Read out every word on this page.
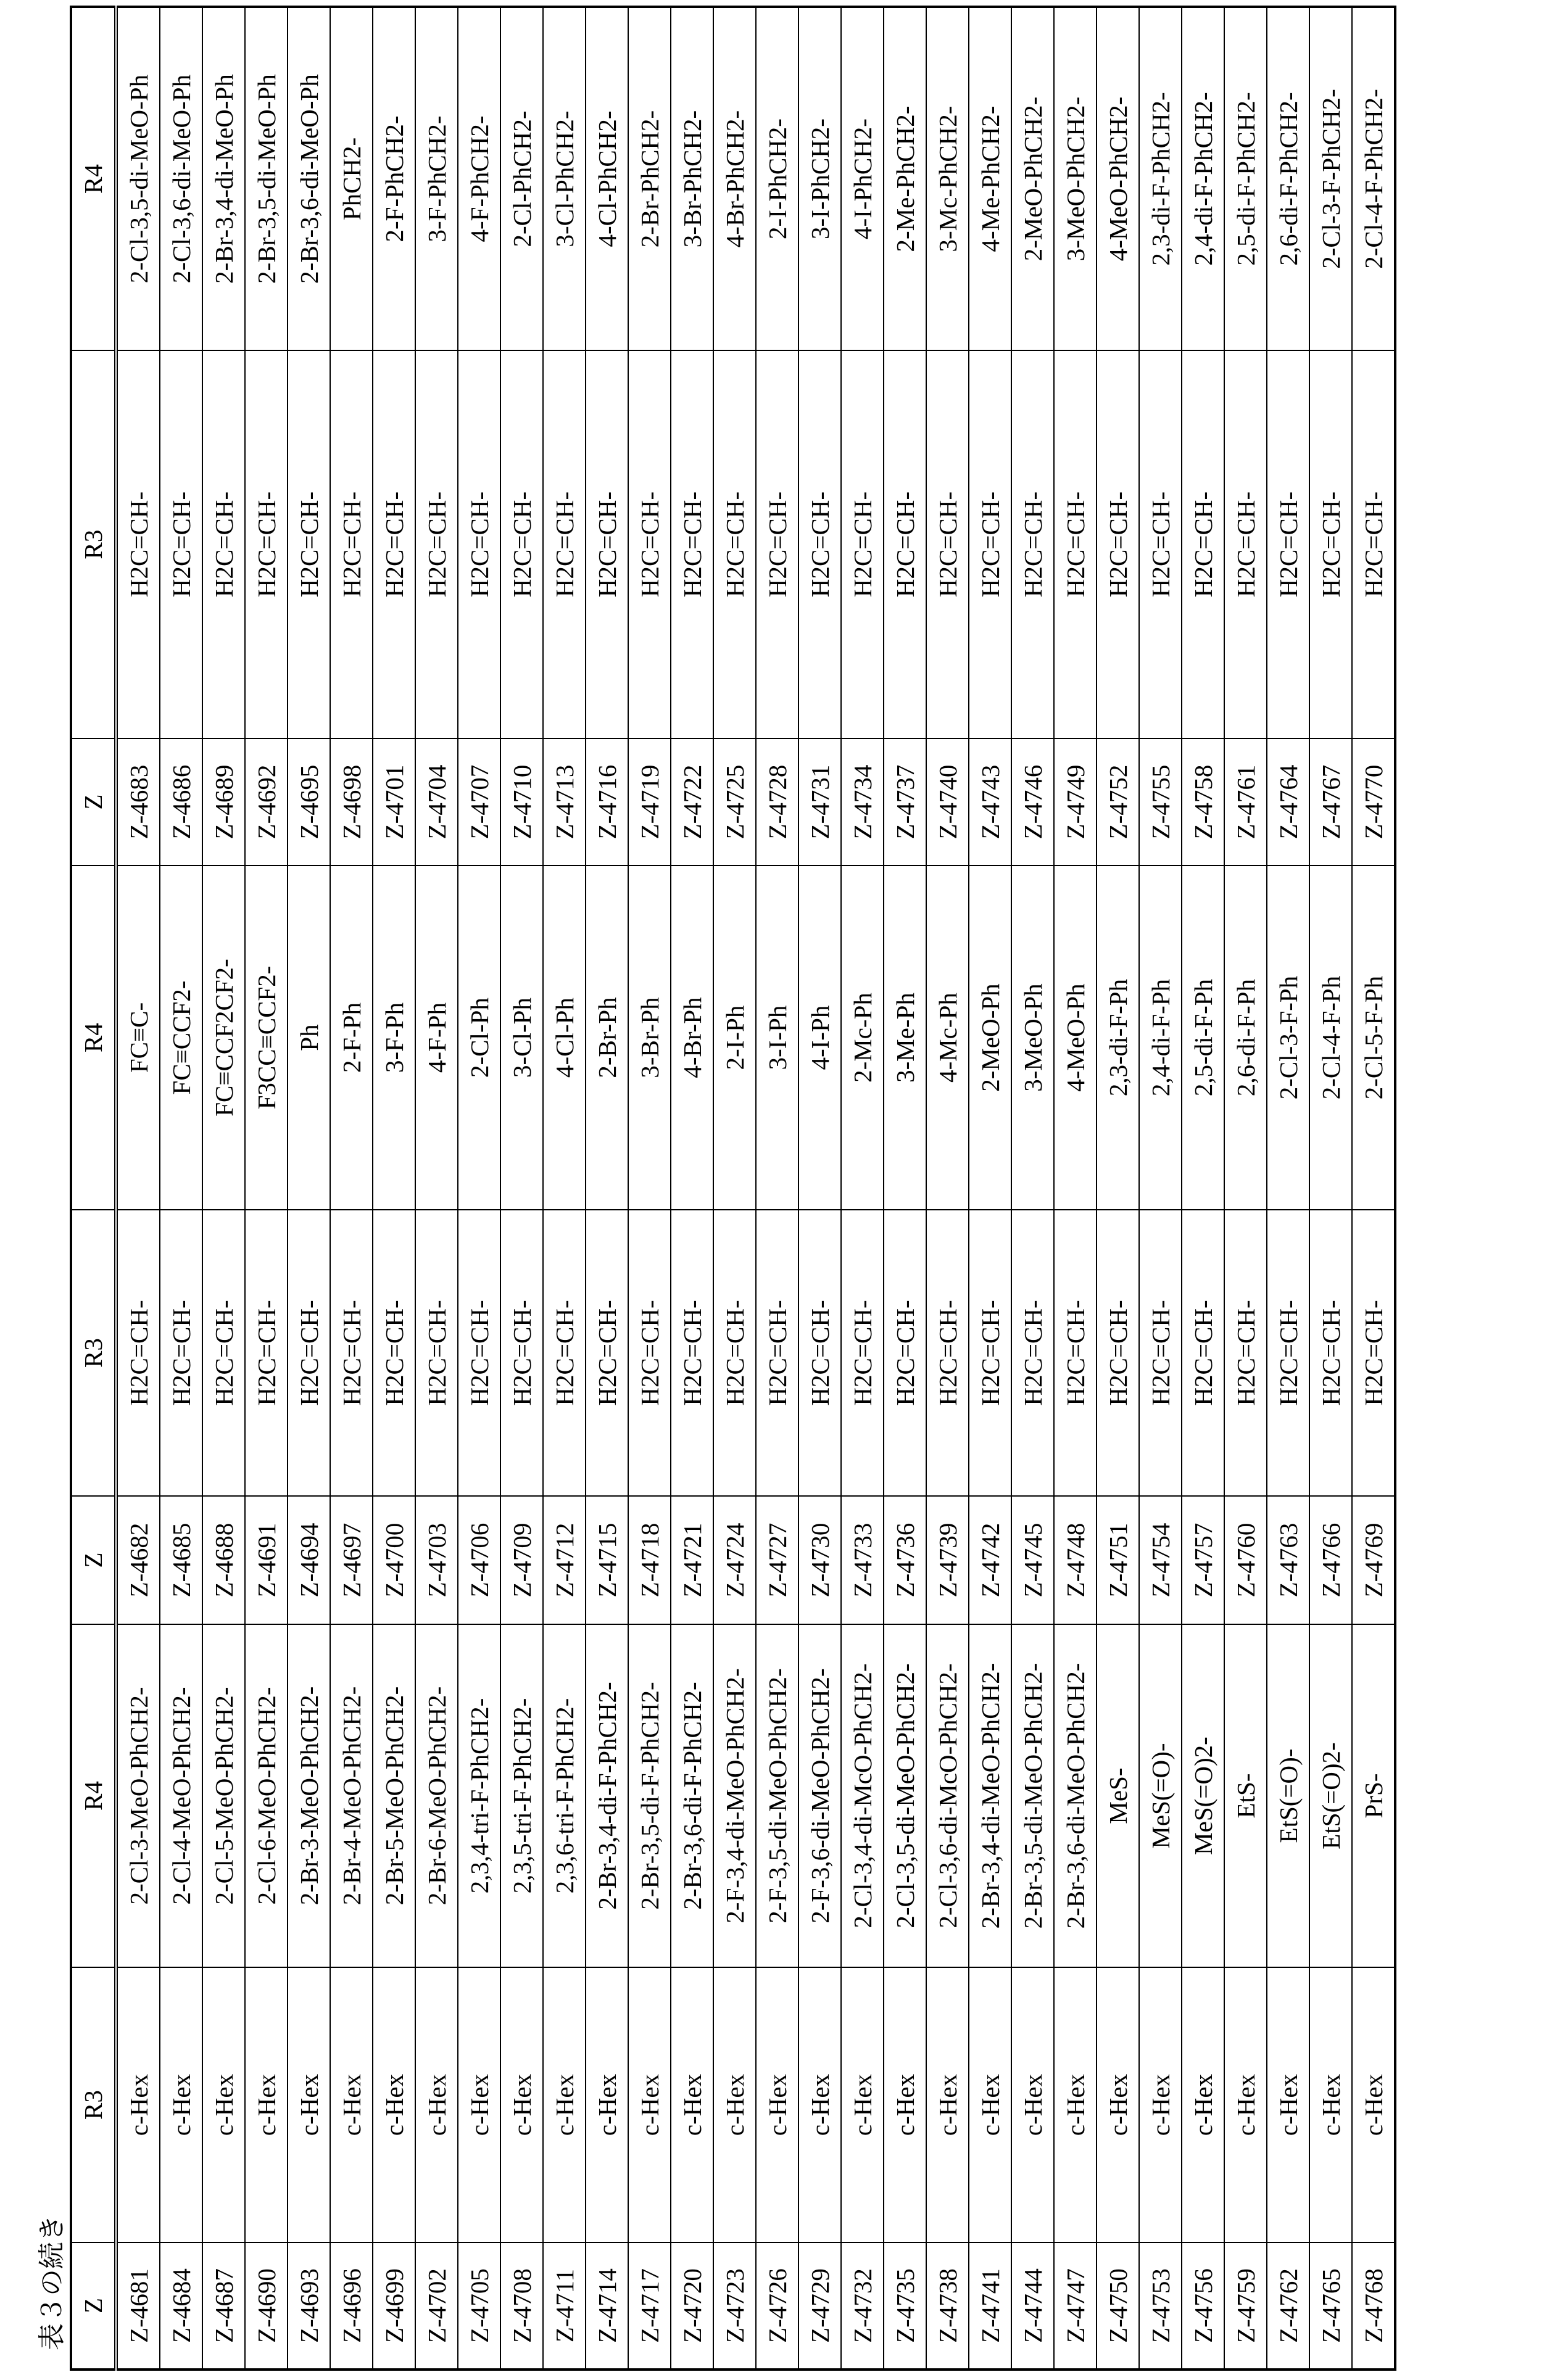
表３の続き Z	R3	R4	Z	R3	R4	Z	R3	R4
Z-4681	c-Hex	2-Cl-3-MeO-PhCH2-	Z-4682	H2C=CH-	FC≡C-	Z-4683	H2C=CH-	2-Cl-3,5-di-MeO-Ph
Z-4684	c-Hex	2-Cl-4-MeO-PhCH2-	Z-4685	H2C=CH-	FC≡CCF2-	Z-4686	H2C=CH-	2-Cl-3,6-di-MeO-Ph
Z-4687	c-Hex	2-Cl-5-MeO-PhCH2-	Z-4688	H2C=CH-	FC≡CCF2CF2-	Z-4689	H2C=CH-	2-Br-3,4-di-MeO-Ph
Z-4690	c-Hex	2-Cl-6-MeO-PhCH2-	Z-4691	H2C=CH-	F3CC≡CCF2-	Z-4692	H2C=CH-	2-Br-3,5-di-MeO-Ph
Z-4693	c-Hex	2-Br-3-MeO-PhCH2-	Z-4694	H2C=CH-	Ph	Z-4695	H2C=CH-	2-Br-3,6-di-MeO-Ph
Z-4696	c-Hex	2-Br-4-MeO-PhCH2-	Z-4697	H2C=CH-	2-F-Ph	Z-4698	H2C=CH-	PhCH2-
Z-4699	c-Hex	2-Br-5-MeO-PhCH2-	Z-4700	H2C=CH-	3-F-Ph	Z-4701	H2C=CH-	2-F-PhCH2-
Z-4702	c-Hex	2-Br-6-MeO-PhCH2-	Z-4703	H2C=CH-	4-F-Ph	Z-4704	H2C=CH-	3-F-PhCH2-
Z-4705	c-Hex	2,3,4-tri-F-PhCH2-	Z-4706	H2C=CH-	2-Cl-Ph	Z-4707	H2C=CH-	4-F-PhCH2-
Z-4708	c-Hex	2,3,5-tri-F-PhCH2-	Z-4709	H2C=CH-	3-Cl-Ph	Z-4710	H2C=CH-	2-Cl-PhCH2-
Z-4711	c-Hex	2,3,6-tri-F-PhCH2-	Z-4712	H2C=CH-	4-Cl-Ph	Z-4713	H2C=CH-	3-Cl-PhCH2-
Z-4714	c-Hex	2-Br-3,4-di-F-PhCH2-	Z-4715	H2C=CH-	2-Br-Ph	Z-4716	H2C=CH-	4-Cl-PhCH2-
Z-4717	c-Hex	2-Br-3,5-di-F-PhCH2-	Z-4718	H2C=CH-	3-Br-Ph	Z-4719	H2C=CH-	2-Br-PhCH2-
Z-4720	c-Hex	2-Br-3,6-di-F-PhCH2-	Z-4721	H2C=CH-	4-Br-Ph	Z-4722	H2C=CH-	3-Br-PhCH2-
Z-4723	c-Hex	2-F-3,4-di-MeO-PhCH2-	Z-4724	H2C=CH-	2-I-Ph	Z-4725	H2C=CH-	4-Br-PhCH2-
Z-4726	c-Hex	2-F-3,5-di-MeO-PhCH2-	Z-4727	H2C=CH-	3-I-Ph	Z-4728	H2C=CH-	2-I-PhCH2-
Z-4729	c-Hex	2-F-3,6-di-MeO-PhCH2-	Z-4730	H2C=CH-	4-I-Ph	Z-4731	H2C=CH-	3-I-PhCH2-
Z-4732	c-Hex	2-Cl-3,4-di-McO-PhCH2-	Z-4733	H2C=CH-	2-Mc-Ph	Z-4734	H2C=CH-	4-I-PhCH2-
Z-4735	c-Hex	2-Cl-3,5-di-MeO-PhCH2-	Z-4736	H2C=CH-	3-Me-Ph	Z-4737	H2C=CH-	2-Me-PhCH2-
Z-4738	c-Hex	2-Cl-3,6-di-McO-PhCH2-	Z-4739	H2C=CH-	4-Mc-Ph	Z-4740	H2C=CH-	3-Mc-PhCH2-
Z-4741	c-Hex	2-Br-3,4-di-MeO-PhCH2-	Z-4742	H2C=CH-	2-MeO-Ph	Z-4743	H2C=CH-	4-Me-PhCH2-
Z-4744	c-Hex	2-Br-3,5-di-MeO-PhCH2-	Z-4745	H2C=CH-	3-MeO-Ph	Z-4746	H2C=CH-	2-MeO-PhCH2-
Z-4747	c-Hex	2-Br-3,6-di-MeO-PhCH2-	Z-4748	H2C=CH-	4-MeO-Ph	Z-4749	H2C=CH-	3-MeO-PhCH2-
Z-4750	c-Hex	MeS-	Z-4751	H2C=CH-	2,3-di-F-Ph	Z-4752	H2C=CH-	4-MeO-PhCH2-
Z-4753	c-Hex	MeS(=O)-	Z-4754	H2C=CH-	2,4-di-F-Ph	Z-4755	H2C=CH-	2,3-di-F-PhCH2-
Z-4756	c-Hex	MeS(=O)2-	Z-4757	H2C=CH-	2,5-di-F-Ph	Z-4758	H2C=CH-	2,4-di-F-PhCH2-
Z-4759	c-Hex	EtS-	Z-4760	H2C=CH-	2,6-di-F-Ph	Z-4761	H2C=CH-	2,5-di-F-PhCH2-
Z-4762	c-Hex	EtS(=O)-	Z-4763	H2C=CH-	2-Cl-3-F-Ph	Z-4764	H2C=CH-	2,6-di-F-PhCH2-
Z-4765	c-Hex	EtS(=O)2-	Z-4766	H2C=CH-	2-Cl-4-F-Ph	Z-4767	H2C=CH-	2-Cl-3-F-PhCH2-
Z-4768	c-Hex	PrS-	Z-4769	H2C=CH-	2-Cl-5-F-Ph	Z-4770	H2C=CH-	2-Cl-4-F-PhCH2-
